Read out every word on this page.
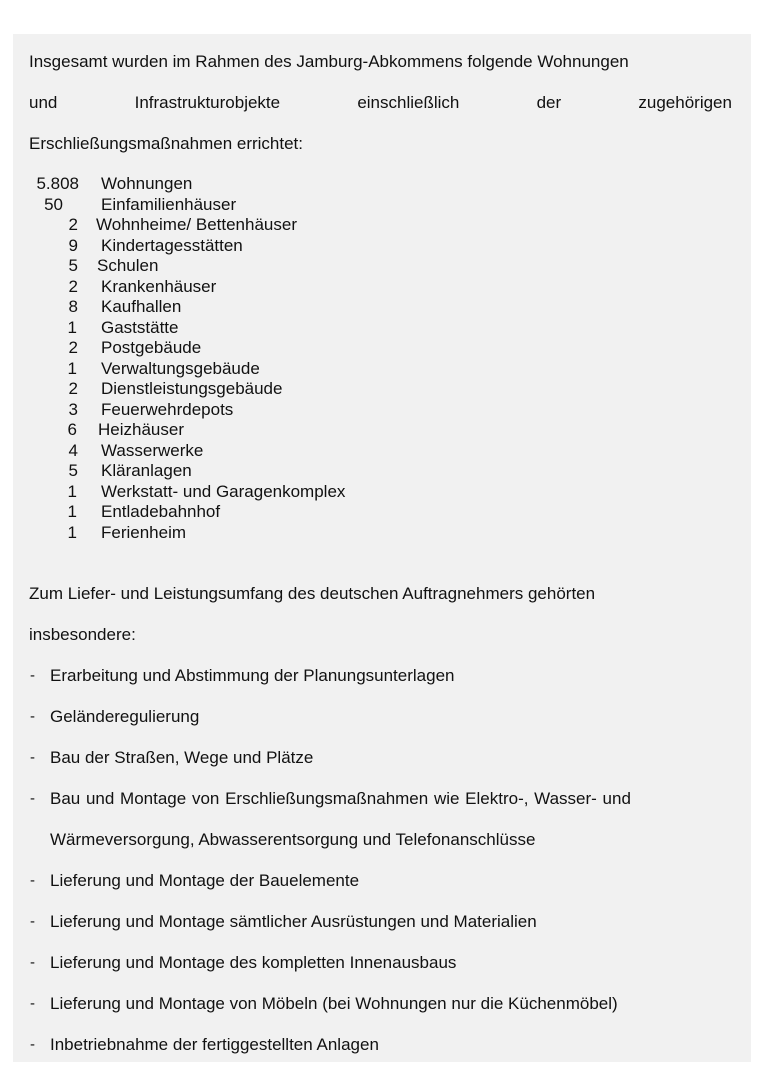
Insgesamt wurden im Rahmen des Jamburg-Abkommens folgende Wohnungen
und	Infrastrukturobjekte	einschließlich	der	zugehörigen
Erschließungsmaßnahmen errichtet:
5.808 Wohnungen
50 Einfamilienhäuser
2 Wohnheime/ Bettenhäuser
9 Kindertagesstätten
5 Schulen
2 Krankenhäuser
8 Kaufhallen
1 Gaststätte
2 Postgebäude
1 Verwaltungsgebäude
2 Dienstleistungsgebäude
3 Feuerwehrdepots
6 Heizhäuser
4 Wasserwerke
5 Kläranlagen
1 Werkstatt- und Garagenkomplex
1 Entladebahnhof
1 Ferienheim
Zum Liefer- und Leistungsumfang des deutschen Auftragnehmers gehörten
insbesondere:
- Erarbeitung und Abstimmung der Planungsunterlagen
- Geländeregulierung
- Bau der Straßen, Wege und Plätze
- Bau und Montage von Erschließungsmaßnahmen wie Elektro-, Wasser- und
Wärmeversorgung, Abwasserentsorgung und Telefonanschlüsse
- Lieferung und Montage der Bauelemente
- Lieferung und Montage sämtlicher Ausrüstungen und Materialien
- Lieferung und Montage des kompletten Innenausbaus
- Lieferung und Montage von Möbeln (bei Wohnungen nur die Küchenmöbel)
- Inbetriebnahme der fertiggestellten Anlagen
